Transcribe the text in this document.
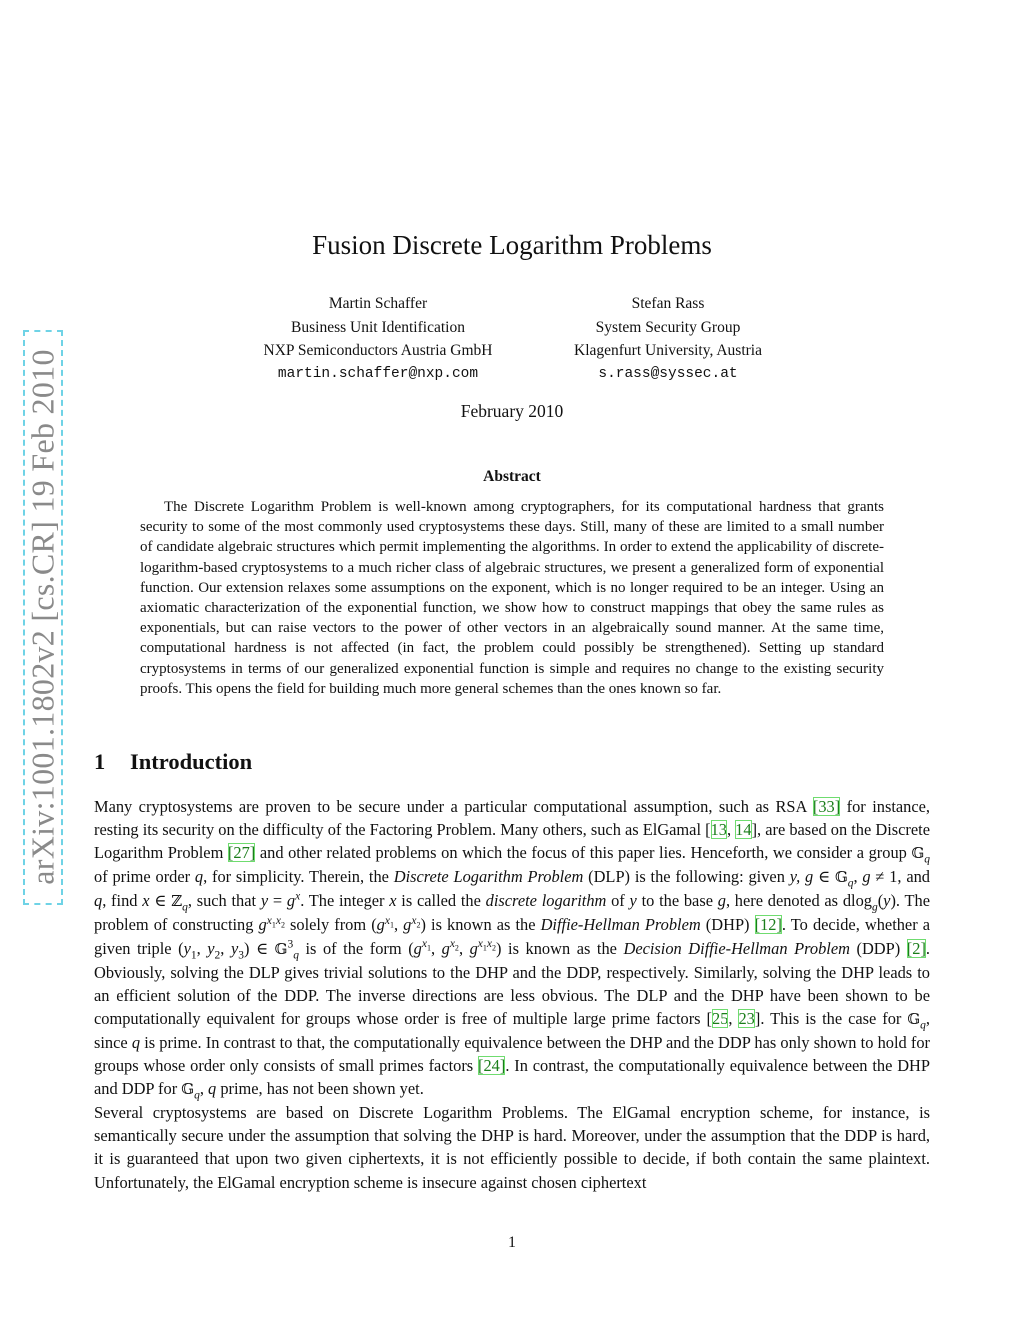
arXiv:1001.1802v2 [cs.CR] 19 Feb 2010
Fusion Discrete Logarithm Problems
Martin Schaffer
Business Unit Identification
NXP Semiconductors Austria GmbH
martin.schaffer@nxp.com
Stefan Rass
System Security Group
Klagenfurt University, Austria
s.rass@syssec.at
February 2010
Abstract
The Discrete Logarithm Problem is well-known among cryptographers, for its computational hardness that grants security to some of the most commonly used cryptosystems these days. Still, many of these are limited to a small number of candidate algebraic structures which permit implementing the algorithms. In order to extend the applicability of discrete-logarithm-based cryptosystems to a much richer class of algebraic structures, we present a generalized form of exponential function. Our extension relaxes some assumptions on the exponent, which is no longer required to be an integer. Using an axiomatic characterization of the exponential function, we show how to construct mappings that obey the same rules as exponentials, but can raise vectors to the power of other vectors in an algebraically sound manner. At the same time, computational hardness is not affected (in fact, the problem could possibly be strengthened). Setting up standard cryptosystems in terms of our generalized exponential function is simple and requires no change to the existing security proofs. This opens the field for building much more general schemes than the ones known so far.
1 Introduction

Many cryptosystems are proven to be secure under a particular computational assumption, such as RSA [33] for instance, resting its security on the difficulty of the Factoring Problem. Many others, such as ElGamal [13, 14], are based on the Discrete Logarithm Problem [27] and other related problems on which the focus of this paper lies. Henceforth, we consider a group 𝔾$_q$ of prime order q, for simplicity. Therein, the Discrete Logarithm Problem (DLP) is the following: given y, g ∈ 𝔾$_q$, g ≠ 1, and q, find x ∈ ℤ$_q$, such that $y = g^x$. The integer x is called the discrete logarithm of y to the base g, here denoted as dlog$_g$(y). The problem of constructing $g^{x_1x_2}$ solely from ($g^{x_1}$, $g^{x_2}$) is known as the Diffie-Hellman Problem (DHP) [12]. To decide, whether a given triple ($y_1$, $y_2$, $y_3$) ∈ 𝔾$^3_q$ is of the form ($g^{x_1}$, $g^{x_2}$, $g^{x_1x_2}$) is known as the Decision Diffie-Hellman Problem (DDP) [2]. Obviously, solving the DLP gives trivial solutions to the DHP and the DDP, respectively. Similarly, solving the DHP leads to an efficient solution of the DDP. The inverse directions are less obvious. The DLP and the DHP have been shown to be computationally equivalent for groups whose order is free of multiple large prime factors [25, 23]. This is the case for 𝔾$_q$, since q is prime. In contrast to that, the computationally equivalence between the DHP and the DDP has only shown to hold for groups whose order only consists of small primes factors [24]. In contrast, the computationally equivalence between the DHP and DDP for 𝔾$_q$, q prime, has not been shown yet.

Several cryptosystems are based on Discrete Logarithm Problems. The ElGamal encryption scheme, for instance, is semantically secure under the assumption that solving the DHP is hard. Moreover, under the assumption that the DDP is hard, it is guaranteed that upon two given ciphertexts, it is not efficiently possible to decide, if both contain the same plaintext. Unfortunately, the ElGamal encryption scheme is insecure against chosen ciphertext

1
